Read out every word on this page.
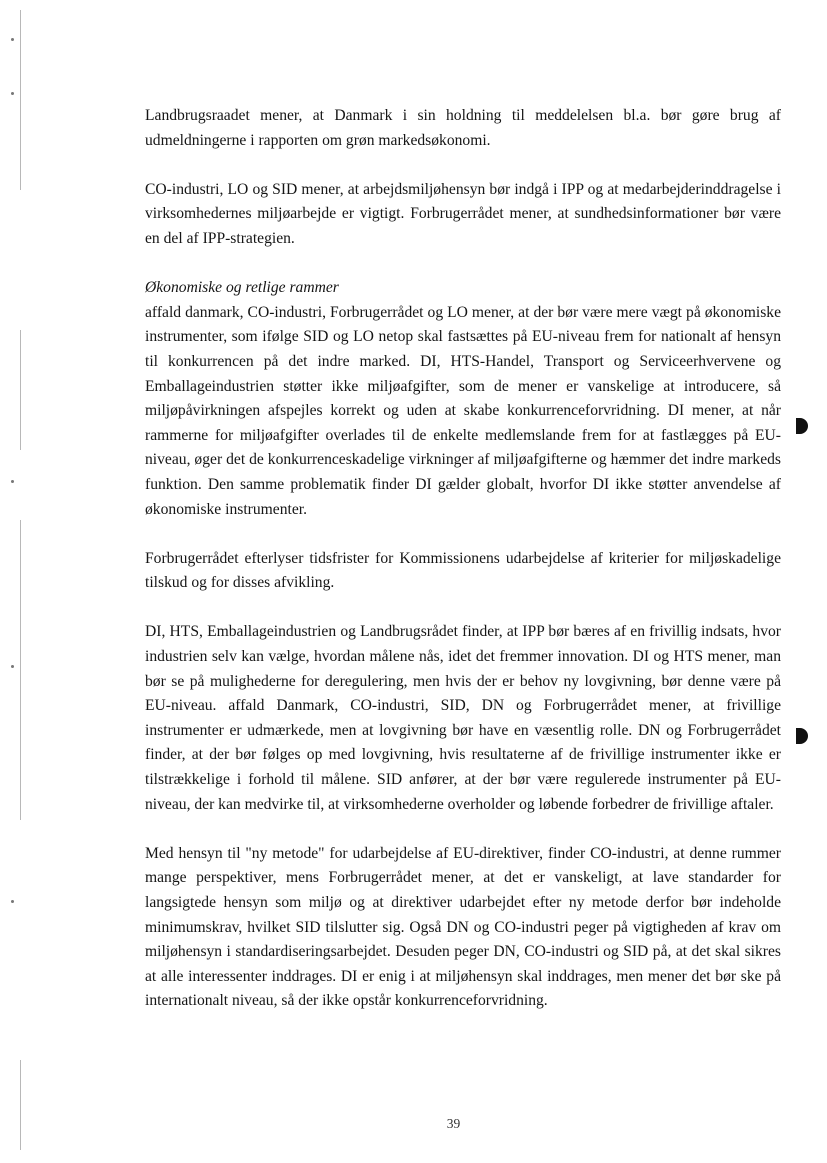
Landbrugsraadet mener, at Danmark i sin holdning til meddelelsen bl.a. bør gøre brug af udmeldningerne i rapporten om grøn markedsøkonomi.

CO-industri, LO og SID mener, at arbejdsmiljøhensyn bør indgå i IPP og at medarbejderinddragelse i virksomhedernes miljøarbejde er vigtigt. Forbrugerrådet mener, at sundhedsinformationer bør være en del af IPP-strategien.

Økonomiske og retlige rammer

affald danmark, CO-industri, Forbrugerrådet og LO mener, at der bør være mere vægt på økonomiske instrumenter, som ifølge SID og LO netop skal fastsættes på EU-niveau frem for nationalt af hensyn til konkurrencen på det indre marked. DI, HTS-Handel, Transport og Serviceerhvervene og Emballageindustrien støtter ikke miljøafgifter, som de mener er vanskelige at introducere, så miljøpåvirkningen afspejles korrekt og uden at skabe konkurrenceforvridning. DI mener, at når rammerne for miljøafgifter overlades til de enkelte medlemslande frem for at fastlægges på EU-niveau, øger det de konkurrenceskadelige virkninger af miljøafgifterne og hæmmer det indre markeds funktion. Den samme problematik finder DI gælder globalt, hvorfor DI ikke støtter anvendelse af økonomiske instrumenter.

Forbrugerrådet efterlyser tidsfrister for Kommissionens udarbejdelse af kriterier for miljøskadelige tilskud og for disses afvikling.

DI, HTS, Emballageindustrien og Landbrugsrådet finder, at IPP bør bæres af en frivillig indsats, hvor industrien selv kan vælge, hvordan målene nås, idet det fremmer innovation. DI og HTS mener, man bør se på mulighederne for deregulering, men hvis der er behov ny lovgivning, bør denne være på EU-niveau. affald Danmark, CO-industri, SID, DN og Forbrugerrådet mener, at frivillige instrumenter er udmærkede, men at lovgivning bør have en væsentlig rolle. DN og Forbrugerrådet finder, at der bør følges op med lovgivning, hvis resultaterne af de frivillige instrumenter ikke er tilstrækkelige i forhold til målene. SID anfører, at der bør være regulerede instrumenter på EU-niveau, der kan medvirke til, at virksomhederne overholder og løbende forbedrer de frivillige aftaler.

Med hensyn til "ny metode" for udarbejdelse af EU-direktiver, finder CO-industri, at denne rummer mange perspektiver, mens Forbrugerrådet mener, at det er vanskeligt, at lave standarder for langsigtede hensyn som miljø og at direktiver udarbejdet efter ny metode derfor bør indeholde minimumskrav, hvilket SID tilslutter sig. Også DN og CO-industri peger på vigtigheden af krav om miljøhensyn i standardiseringsarbejdet. Desuden peger DN, CO-industri og SID på, at det skal sikres at alle interessenter inddrages. DI er enig i at miljøhensyn skal inddrages, men mener det bør ske på internationalt niveau, så der ikke opstår konkurrenceforvridning.

39
